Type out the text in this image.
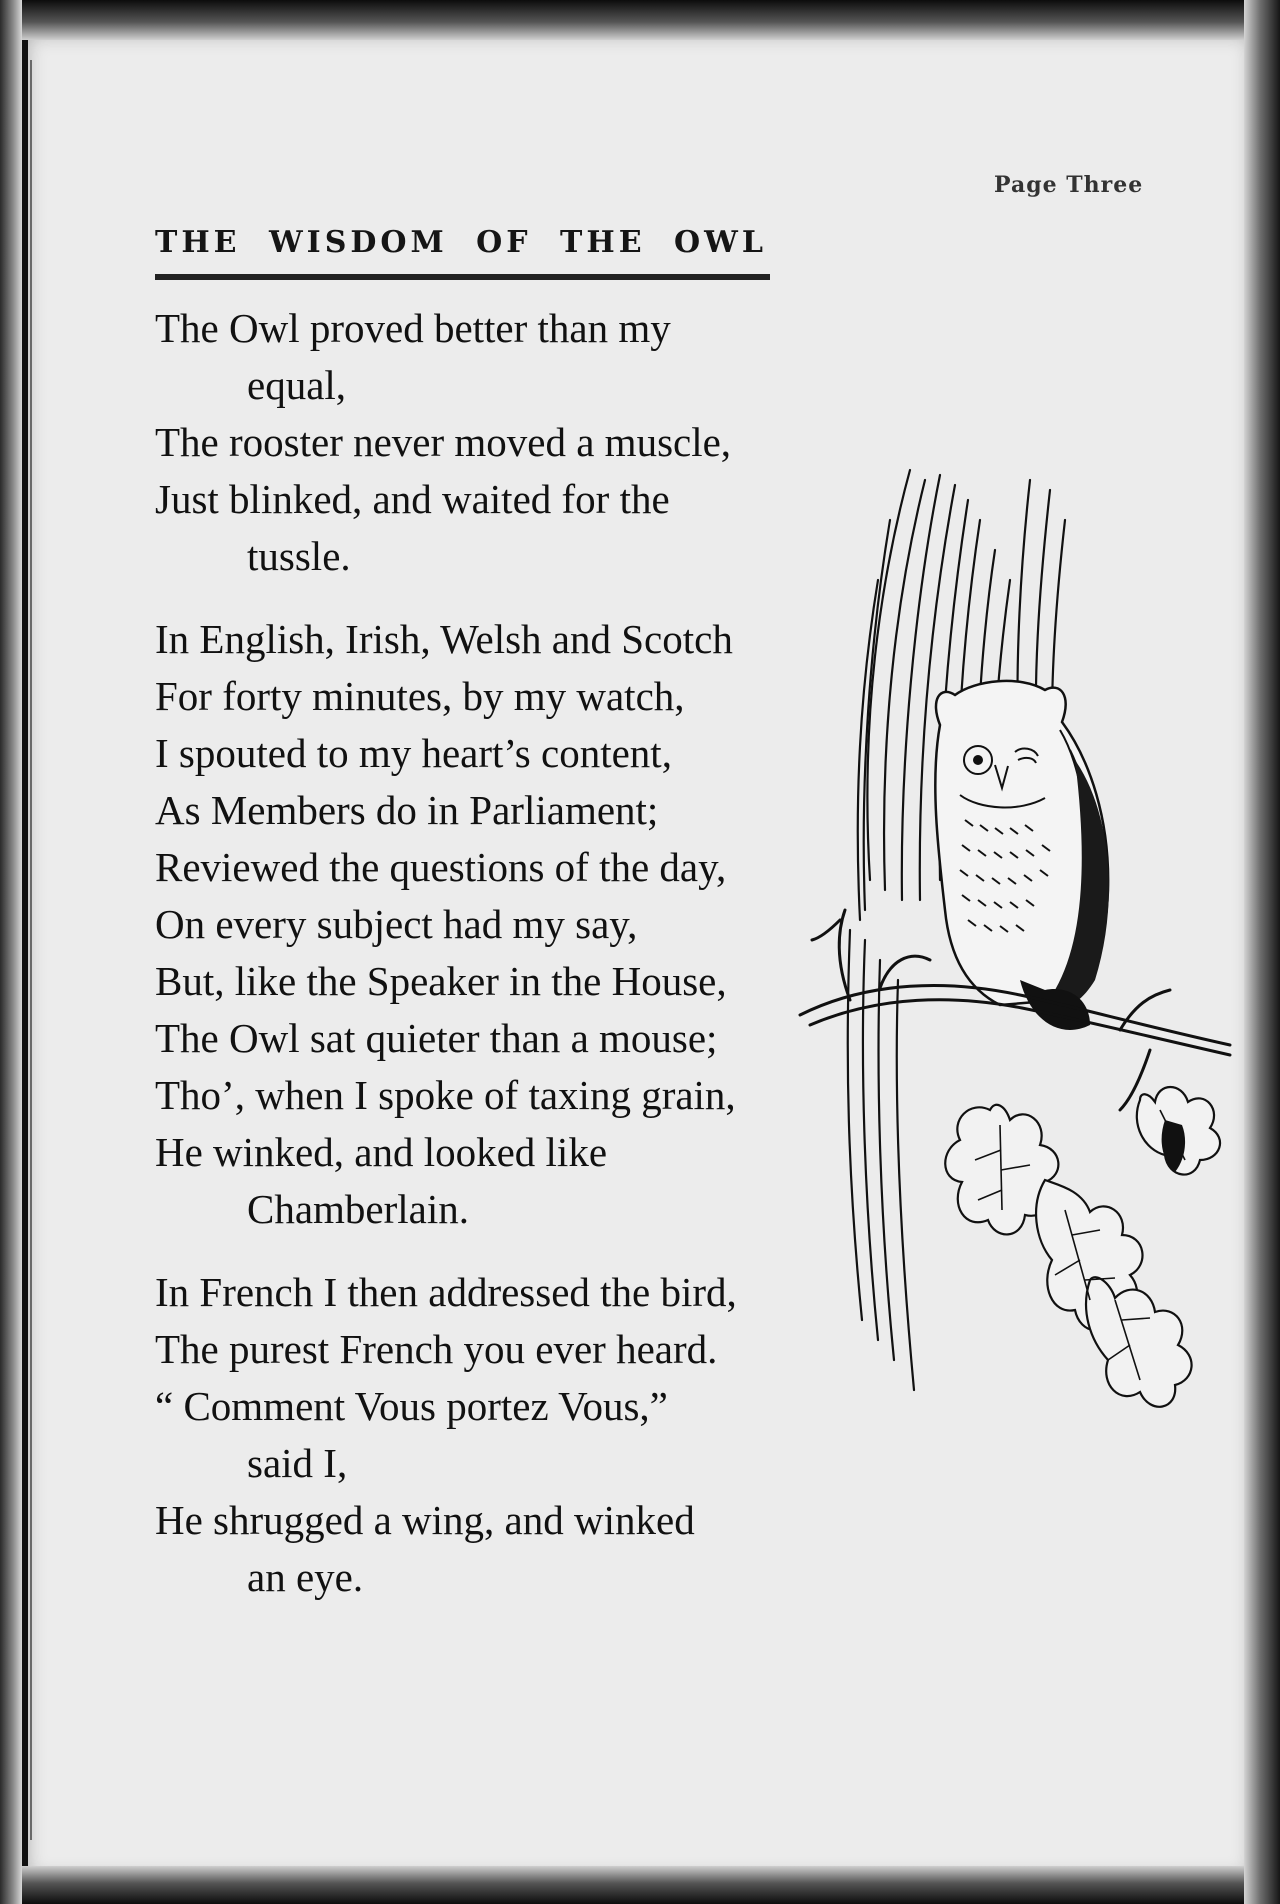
Page Three
THE WISDOM OF THE OWL
The Owl proved better than my
equal,
The rooster never moved a muscle,
Just blinked, and waited for the
tussle.
In English, Irish, Welsh and Scotch
For forty minutes, by my watch,
I spouted to my heart’s content,
As Members do in Parliament;
Reviewed the questions of the day,
On every subject had my say,
But, like the Speaker in the House,
The Owl sat quieter than a mouse;
Tho’, when I spoke of taxing grain,
He winked, and looked like
Chamberlain.
In French I then addressed the bird,
The purest French you ever heard.
“ Comment Vous portez Vous,”
said I,
He shrugged a wing, and winked
an eye.
